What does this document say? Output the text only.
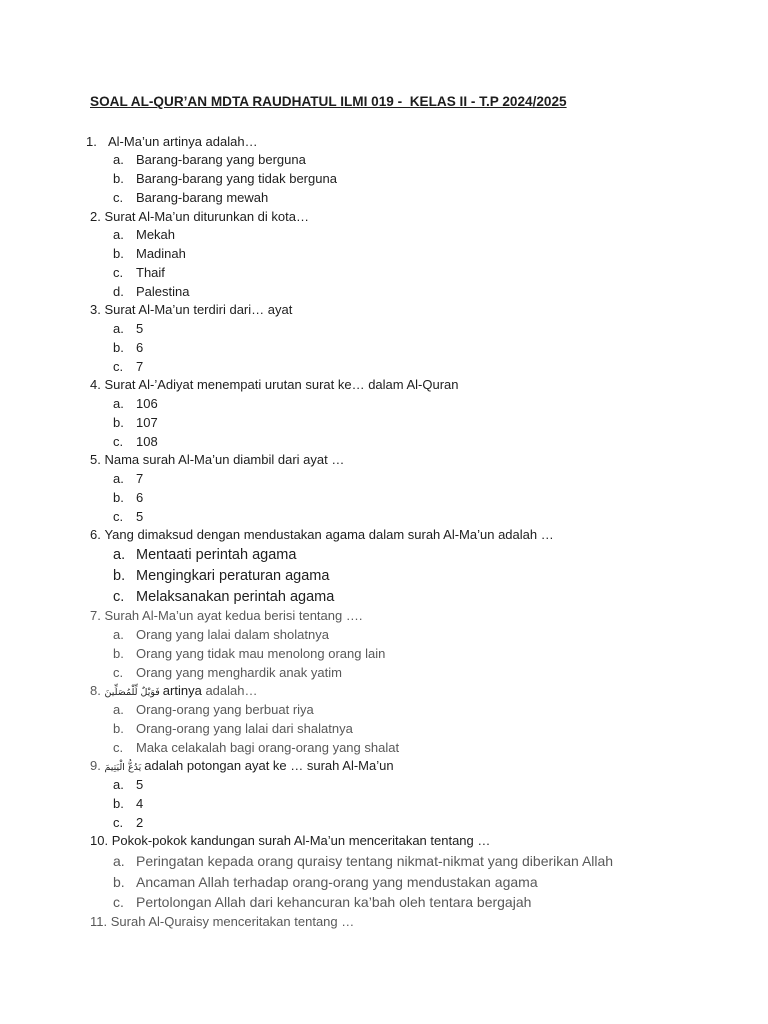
SOAL AL-QUR’AN MDTA RAUDHATUL ILMI 019 -  KELAS II - T.P 2024/2025
1. Al-Ma’un artinya adalah…
a. Barang-barang yang berguna
b. Barang-barang yang tidak berguna
c. Barang-barang mewah
2. Surat Al-Ma’un diturunkan di kota…
a. Mekah
b. Madinah
c. Thaif
d. Palestina
3. Surat Al-Ma’un terdiri dari… ayat
a. 5
b. 6
c. 7
4. Surat Al-’Adiyat menempati urutan surat ke… dalam Al-Quran
a. 106
b. 107
c. 108
5. Nama surah Al-Ma’un diambil dari ayat …
a. 7
b. 6
c. 5
6. Yang dimaksud dengan mendustakan agama dalam surah Al-Ma’un adalah …
a. Mentaati perintah agama
b. Mengingkari peraturan agama
c. Melaksanakan perintah agama
7. Surah Al-Ma’un ayat kedua berisi tentang ….
a. Orang yang lalai dalam sholatnya
b. Orang yang tidak mau menolong orang lain
c. Orang yang menghardik anak yatim
8. فَوَيْلٌ لِّلْمُصَلِّينَ artinya adalah…
a. Orang-orang yang berbuat riya
b. Orang-orang yang lalai dari shalatnya
c. Maka celakalah bagi orang-orang yang shalat
9. يَدُعُّ الْيَتِيمَ adalah potongan ayat ke … surah Al-Ma’un
a. 5
b. 4
c. 2
10. Pokok-pokok kandungan surah Al-Ma’un menceritakan tentang …
a. Peringatan kepada orang quraisy tentang nikmat-nikmat yang diberikan Allah
b. Ancaman Allah terhadap orang-orang yang mendustakan agama
c. Pertolongan Allah dari kehancuran ka’bah oleh tentara bergajah
11. Surah Al-Quraisy menceritakan tentang …
